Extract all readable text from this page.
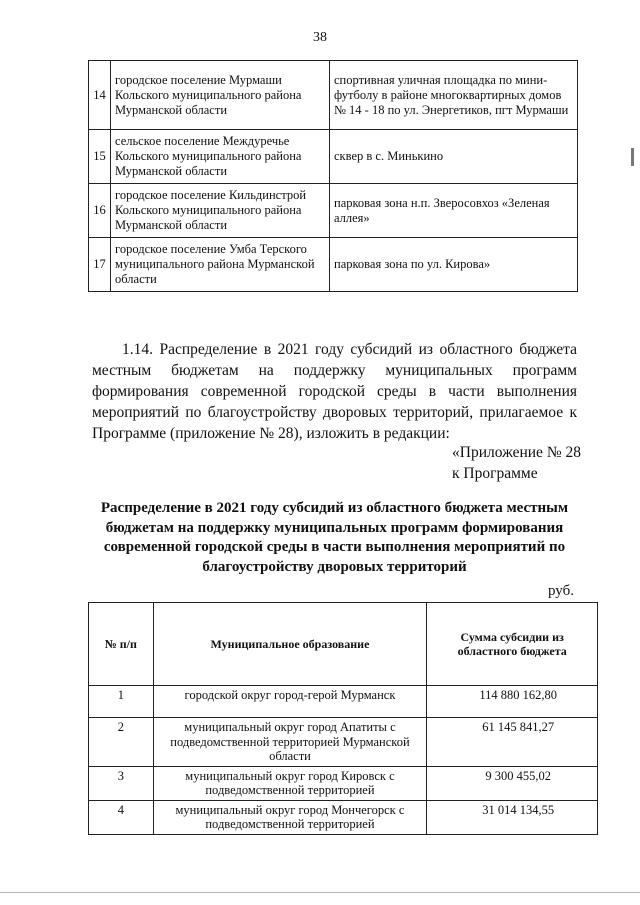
38
14	городское поселение Мурмаши Кольского муниципального района Мурманской области	спортивная уличная площадка по мини-футболу в районе многоквартирных домов № 14 - 18 по ул. Энергетиков, пгт Мурмаши
15	сельское поселение Междуречье Кольского муниципального района Мурманской области	сквер в с. Минькино
16	городское поселение Кильдинстрой Кольского муниципального района Мурманской области	парковая зона н.п. Зверосовхоз «Зеленая аллея»
17	городское поселение Умба Терского муниципального района Мурманской области	парковая зона по ул. Кирова»

1.14. Распределение в 2021 году субсидий из областного бюджета местным бюджетам на поддержку муниципальных программ формирования современной городской среды в части выполнения мероприятий по благоустройству дворовых территорий, прилагаемое к Программе (приложение № 28), изложить в редакции:

«Приложение № 28
к Программе

Распределение в 2021 году субсидий из областного бюджета местным бюджетам на поддержку муниципальных программ формирования современной городской среды в части выполнения мероприятий по благоустройству дворовых территорий

руб.
№ п/п	Муниципальное образование	Сумма субсидии из областного бюджета
1	городской округ город-герой Мурманск	114 880 162,80
2	муниципальный округ город Апатиты с подведомственной территорией Мурманской области	61 145 841,27
3	муниципальный округ город Кировск с подведомственной территорией	9 300 455,02
4	муниципальный округ город Мончегорск с подведомственной территорией	31 014 134,55
